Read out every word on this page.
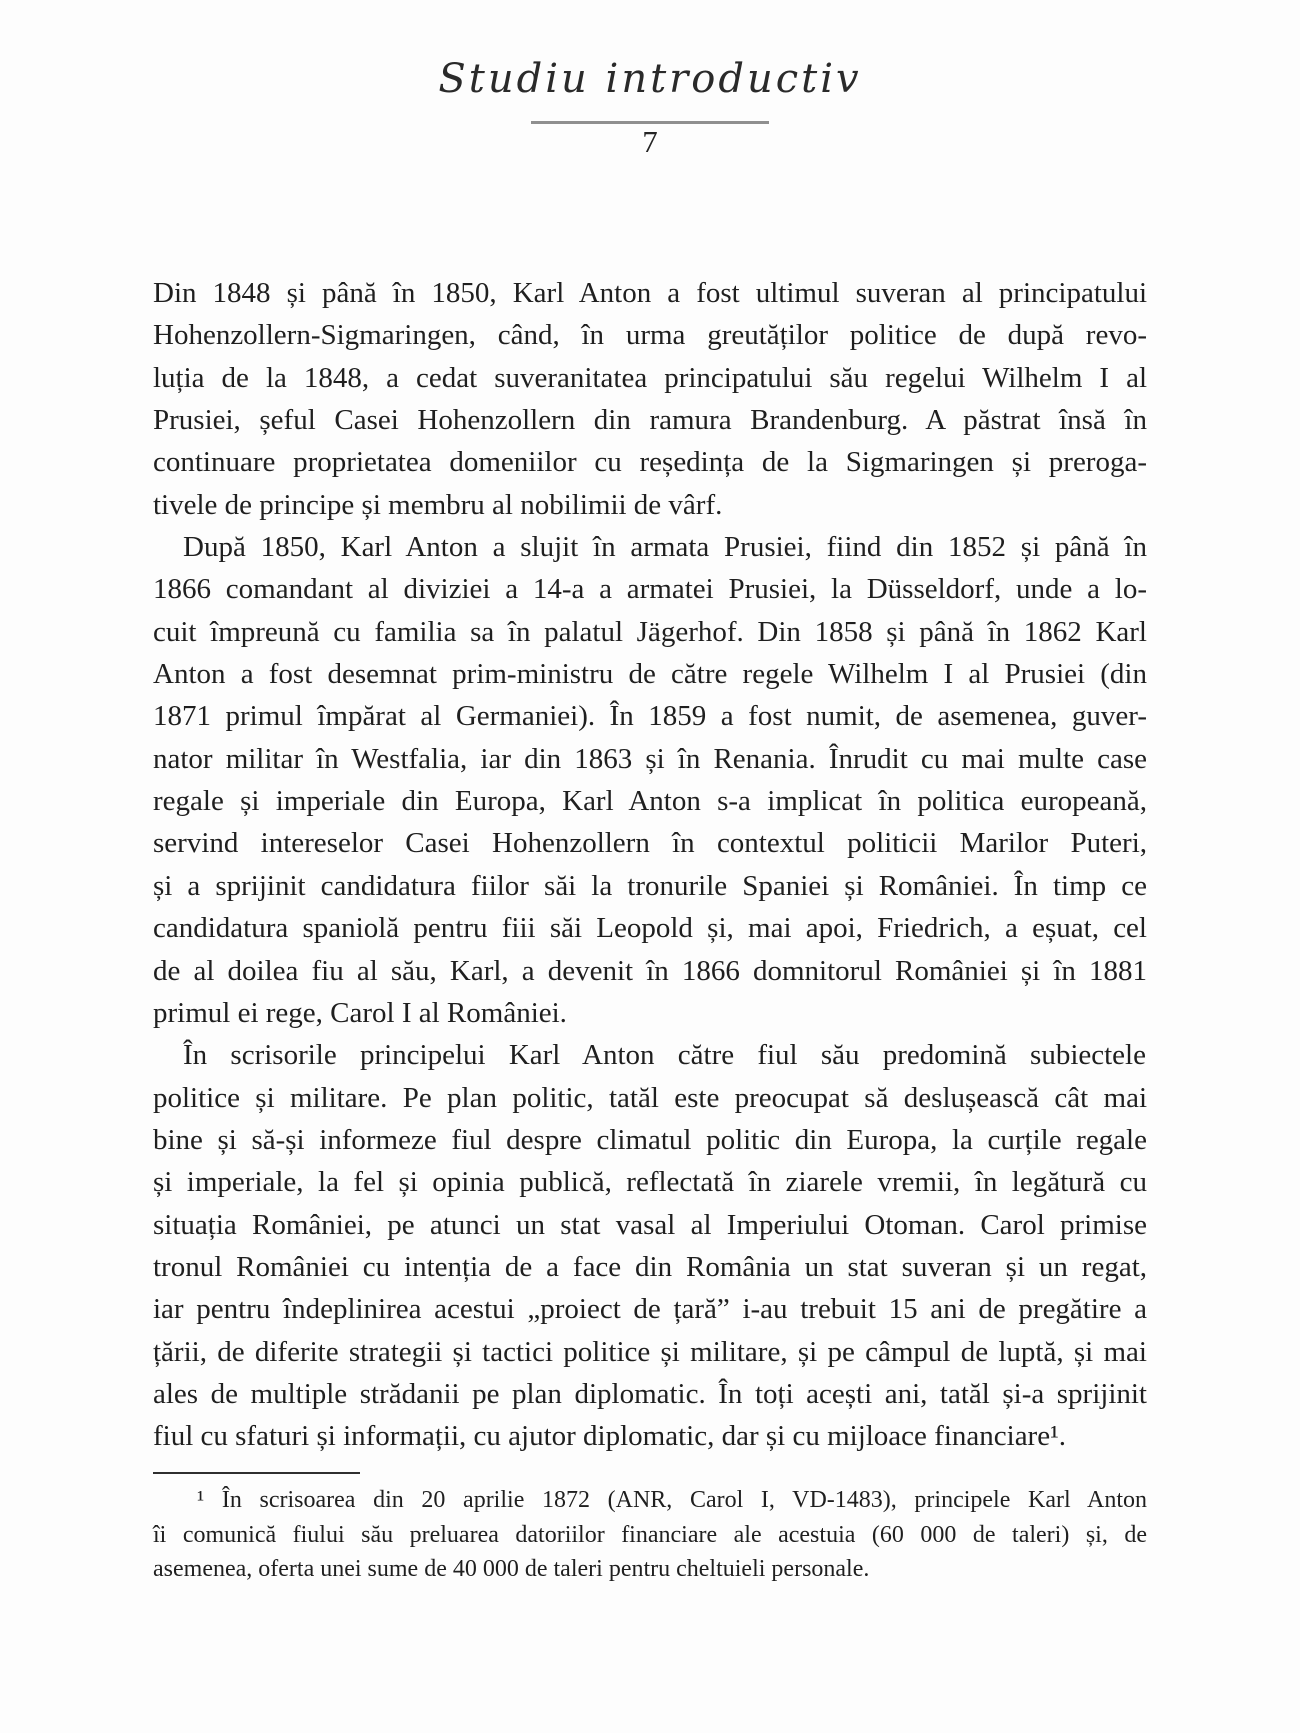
Studiu introductiv
7
Din 1848 și până în 1850, Karl Anton a fost ultimul suveran al principatului
Hohenzollern-Sigmaringen, când, în urma greutăților politice de după revo-
luția de la 1848, a cedat suveranitatea principatului său regelui Wilhelm I al
Prusiei, șeful Casei Hohenzollern din ramura Brandenburg. A păstrat însă în
continuare proprietatea domeniilor cu reședința de la Sigmaringen și preroga-
tivele de principe și membru al nobilimii de vârf.
După 1850, Karl Anton a slujit în armata Prusiei, fiind din 1852 și până în
1866 comandant al diviziei a 14-a a armatei Prusiei, la Düsseldorf, unde a lo-
cuit împreună cu familia sa în palatul Jägerhof. Din 1858 și până în 1862 Karl
Anton a fost desemnat prim-ministru de către regele Wilhelm I al Prusiei (din
1871 primul împărat al Germaniei). În 1859 a fost numit, de asemenea, guver-
nator militar în Westfalia, iar din 1863 și în Renania. Înrudit cu mai multe case
regale și imperiale din Europa, Karl Anton s-a implicat în politica europeană,
servind intereselor Casei Hohenzollern în contextul politicii Marilor Puteri,
și a sprijinit candidatura fiilor săi la tronurile Spaniei și României. În timp ce
candidatura spaniolă pentru fiii săi Leopold și, mai apoi, Friedrich, a eșuat, cel
de al doilea fiu al său, Karl, a devenit în 1866 domnitorul României și în 1881
primul ei rege, Carol I al României.
În scrisorile principelui Karl Anton către fiul său predomină subiectele
politice și militare. Pe plan politic, tatăl este preocupat să deslușească cât mai
bine și să-și informeze fiul despre climatul politic din Europa, la curțile regale
și imperiale, la fel și opinia publică, reflectată în ziarele vremii, în legătură cu
situația României, pe atunci un stat vasal al Imperiului Otoman. Carol primise
tronul României cu intenția de a face din România un stat suveran și un regat,
iar pentru îndeplinirea acestui „proiect de țară” i-au trebuit 15 ani de pregătire a
țării, de diferite strategii și tactici politice și militare, și pe câmpul de luptă, și mai
ales de multiple strădanii pe plan diplomatic. În toți acești ani, tatăl și-a sprijinit
fiul cu sfaturi și informații, cu ajutor diplomatic, dar și cu mijloace financiare¹.
¹ În scrisoarea din 20 aprilie 1872 (ANR, Carol I, VD-1483), principele Karl Anton
îi comunică fiului său preluarea datoriilor financiare ale acestuia (60 000 de taleri) și, de
asemenea, oferta unei sume de 40 000 de taleri pentru cheltuieli personale.
